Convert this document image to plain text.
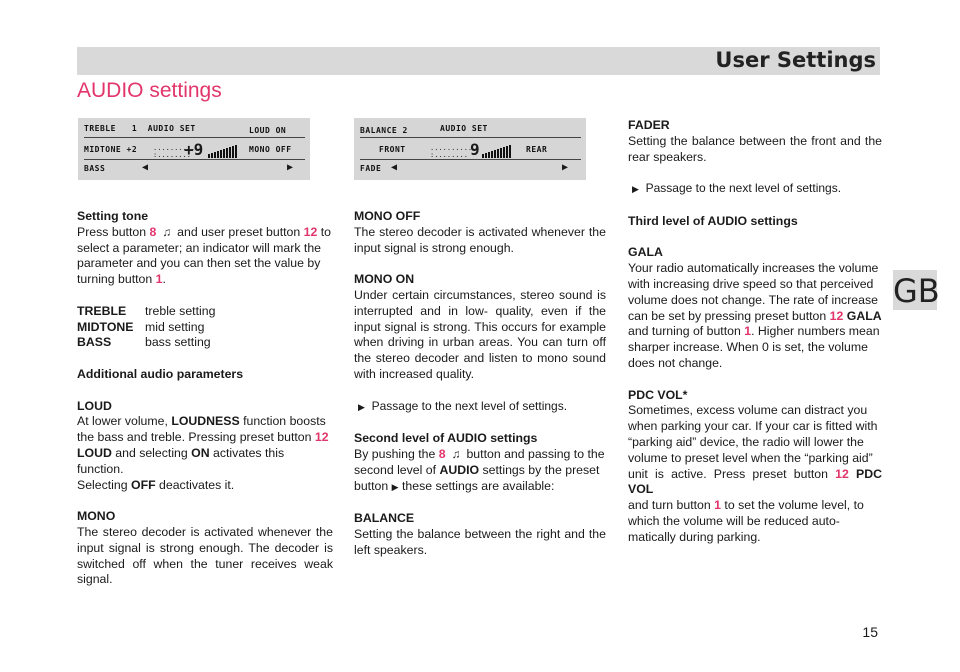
User Settings
AUDIO settings
GB
TREBLE   1  AUDIO SET	LOUD ON
MIDTONE +2 ..........
:........
+9	MONO OFF
BASS	◀	▶
BALANCE 2	AUDIO SET
FRONT	..........
:........ 9	REAR
FADE ◀	▶

Setting tone

Press button 8 ♫ and user preset button 12 to

select a parameter; an indicator will mark the

parameter and you can then set the value by

turning button 1.

TREBLE	treble setting
MIDTONE	mid setting
BASS	bass setting

Additional audio parameters

LOUD

At lower volume, LOUDNESS function boosts

the bass and treble. Pressing preset button 12

LOUD and selecting ON activates this function.

Selecting OFF deactivates it.

MONO

The stereo decoder is activated whenever the input signal is strong enough. The decoder is switched off when the tuner receives weak signal.

MONO OFF

The stereo decoder is activated whenever the input signal is strong enough.

MONO ON

Under certain circumstances, stereo sound is interrupted and in low- quality, even if the input signal is strong. This occurs for example when driving in urban areas. You can turn off the stereo decoder and listen to mono sound with increased quality.

▶ Passage to the next level of settings.

Second level of AUDIO settings

By pushing the 8 ♫ button and passing to the

second level of AUDIO settings by the preset

button ▶ these settings are available:

BALANCE

Setting the balance between the right and the left speakers.

FADER

Setting the balance between the front and the rear speakers.

▶ Passage to the next level of settings.

Third level of AUDIO settings

GALA

Your radio automatically increases the volume

with increasing drive speed so that perceived

volume does not change. The rate of increase

can be set by pressing preset button 12 GALA

and turning of button 1. Higher numbers mean

sharper increase. When 0 is set, the volume

does not change.

PDC VOL*

Sometimes, excess volume can distract you

when parking your car. If your car is fitted with

“parking aid” device, the radio will lower the

volume to preset level when the “parking aid”

unit is active. Press preset button 12 PDC VOL

and turn button 1 to set the volume level, to

which the volume will be reduced auto-

matically during parking.

15
